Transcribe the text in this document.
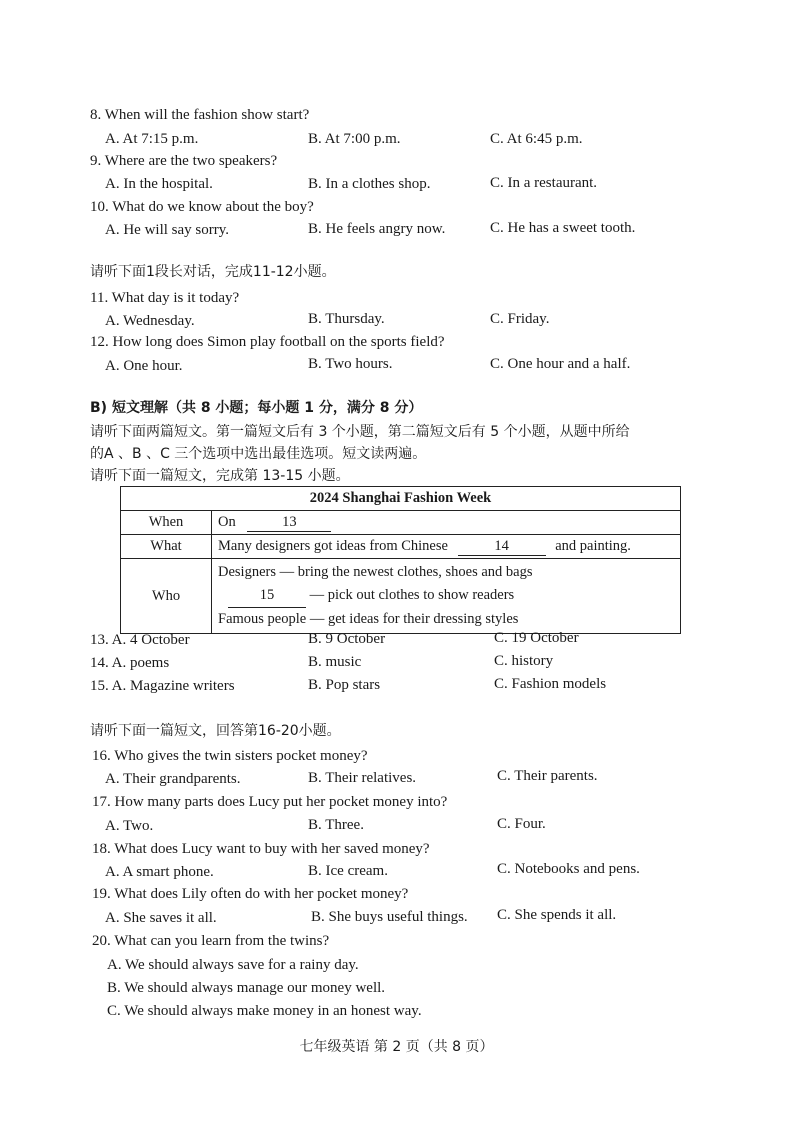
8. When will the fashion show start?
A. At 7:15 p.m.	B. At 7:00 p.m.	C. At 6:45 p.m.
9. Where are the two speakers?
A. In the hospital.	B. In a clothes shop.	C. In a restaurant.
10. What do we know about the boy?
A. He will say sorry.	B. He feels angry now.	C. He has a sweet tooth.
请听下面1段长对话，完成11-12小题。
11. What day is it today?
A. Wednesday.	B. Thursday.	C. Friday.
12. How long does Simon play football on the sports field?
A. One hour.	B. Two hours.	C. One hour and a half.
B) 短文理解（共 8 小题；每小题 1 分，满分 8 分）
请听下面两篇短文。第一篇短文后有 3 个小题，第二篇短文后有 5 个小题，从题中所给
的A 、B 、C 三个选项中选出最佳选项。短文读两遍。
请听下面一篇短文，完成第 13-15 小题。
2024 Shanghai Fashion Week	
When	On 13
What	Many designers got ideas from Chinese 14 and painting.
Who	Designers — bring the newest clothes, shoes and bags
15 — pick out clothes to show readers
Famous people — get ideas for their dressing styles
13. A. 4 October	B. 9 October	C. 19 October
14. A. poems	B. music	C. history
15. A. Magazine writers	B. Pop stars	C. Fashion models
请听下面一篇短文，回答第16-20小题。
16. Who gives the twin sisters pocket money?
A. Their grandparents.	B. Their relatives.	C. Their parents.
17. How many parts does Lucy put her pocket money into?
A. Two.	B. Three.	C. Four.
18. What does Lucy want to buy with her saved money?
A. A smart phone.	B. Ice cream.	C. Notebooks and pens.
19. What does Lily often do with her pocket money?
A. She saves it all.	B. She buys useful things. C. She spends it all.
20. What can you learn from the twins?
A. We should always save for a rainy day.
B. We should always manage our money well.
C. We should always make money in an honest way.
七年级英语 第 2 页（共 8 页）
